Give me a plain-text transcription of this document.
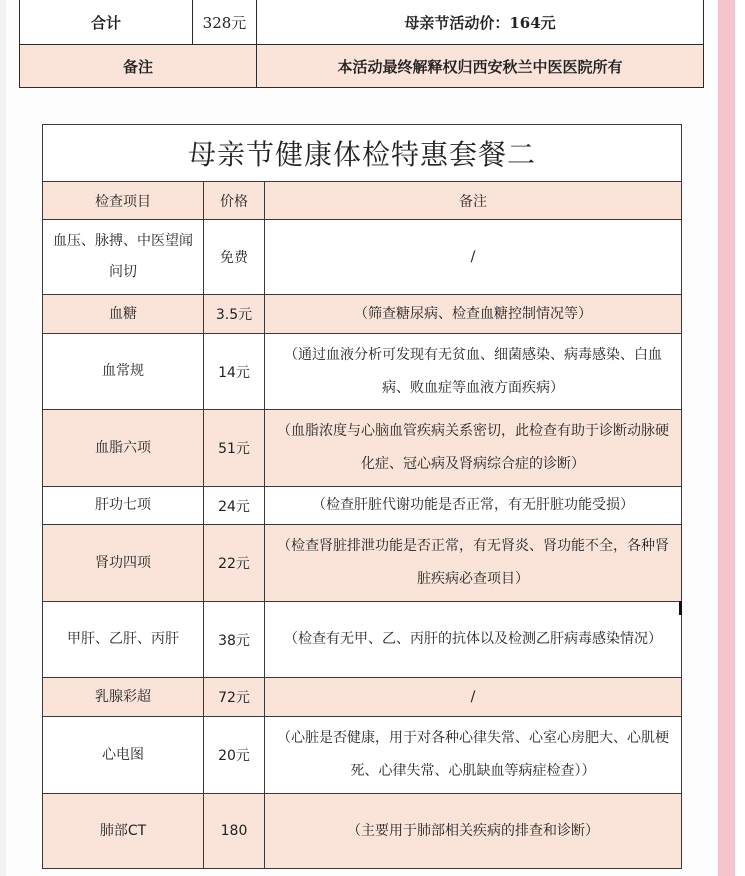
合计	328元	母亲节活动价：164元
备注		本活动最终解释权归西安秋兰中医医院所有
母亲节健康体检特惠套餐二		
检查项目	价格	备注
血压、脉搏、中医望闻问切	免费	/
血糖	3.5元	（筛查糖尿病、检查血糖控制情况等）
血常规	14元	（通过血液分析可发现有无贫血、细菌感染、病毒感染、白血病、败血症等血液方面疾病）
血脂六项	51元	（血脂浓度与心脑血管疾病关系密切，此检查有助于诊断动脉硬化症、冠心病及肾病综合症的诊断）
肝功七项	24元	（检查肝脏代谢功能是否正常，有无肝脏功能受损）
肾功四项	22元	（检查肾脏排泄功能是否正常，有无肾炎、肾功能不全，各种肾脏疾病必查项目）
甲肝、乙肝、丙肝	38元	（检查有无甲、乙、丙肝的抗体以及检测乙肝病毒感染情况）
乳腺彩超	72元	/
心电图	20元	（心脏是否健康，用于对各种心律失常、心室心房肥大、心肌梗死、心律失常、心肌缺血等病症检查））
肺部CT	180	（主要用于肺部相关疾病的排查和诊断）
